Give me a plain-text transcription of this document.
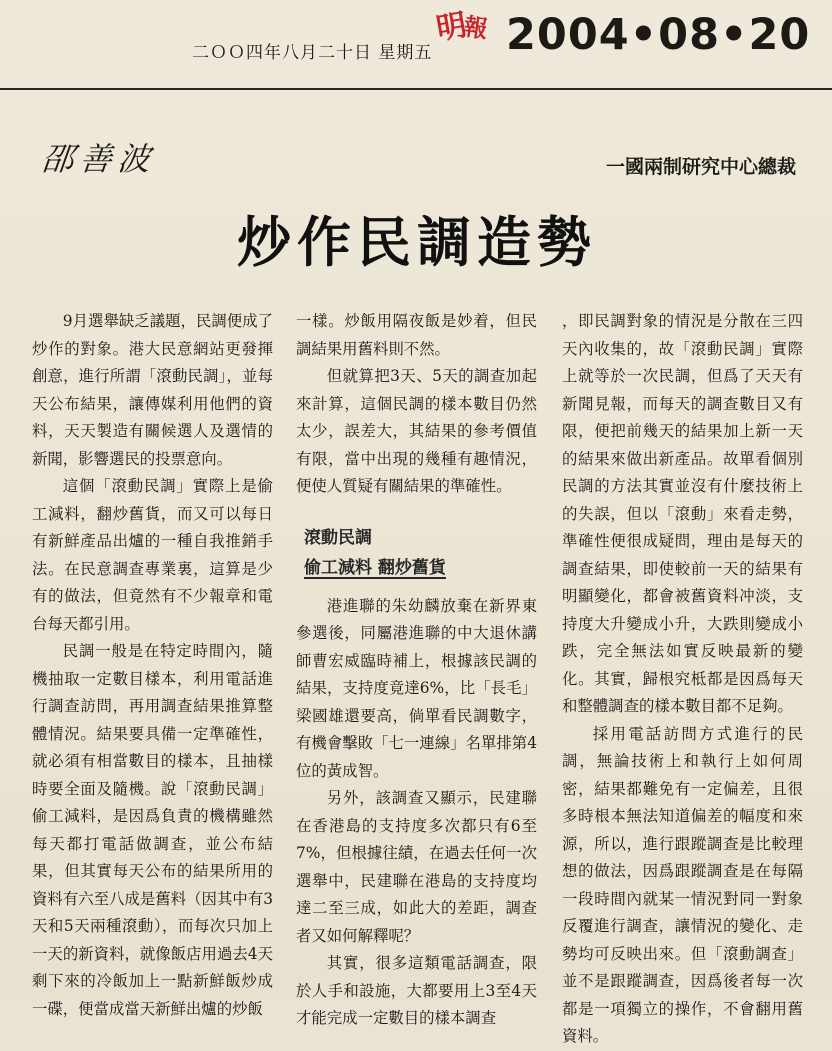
二ＯＯ四年八月二十日 星期五
明
報 2004•08•20
邵善波	一國兩制研究中心總裁
炒作民調造勢

9月選舉缺乏議題，民調便成了炒作的對象。港大民意網站更發揮創意，進行所謂「滾動民調」，並每天公布結果，讓傳媒利用他們的資料，天天製造有關候選人及選情的新聞，影響選民的投票意向。

這個「滾動民調」實際上是偷工減料，翻炒舊貨，而又可以每日有新鮮產品出爐的一種自我推銷手法。在民意調查專業裏，這算是少有的做法，但竟然有不少報章和電台每天都引用。

民調一般是在特定時間內，隨機抽取一定數目樣本，利用電話進行調查訪問，再用調查結果推算整體情況。結果要具備一定準確性，就必須有相當數目的樣本，且抽樣時要全面及隨機。說「滾動民調」偷工減料，是因爲負責的機構雖然每天都打電話做調查，並公布結果，但其實每天公布的結果所用的資料有六至八成是舊料（因其中有3天和5天兩種滾動），而每次只加上一天的新資料，就像飯店用過去4天剩下來的冷飯加上一點新鮮飯炒成一碟，便當成當天新鮮出爐的炒飯

一樣。炒飯用隔夜飯是妙着，但民調結果用舊料則不然。

但就算把3天、5天的調查加起來計算，這個民調的樣本數目仍然太少，誤差大，其結果的參考價值有限，當中出現的幾種有趣情況，便使人質疑有關結果的準確性。

滾動民調
偷工減料 翻炒舊貨

港進聯的朱幼麟放棄在新界東參選後，同屬港進聯的中大退休講師曹宏威臨時補上，根據該民調的結果，支持度竟達6%，比「長毛」梁國雄還要高，倘單看民調數字，有機會擊敗「七一連線」名單排第4位的黃成智。

另外，該調查又顯示，民建聯在香港島的支持度多次都只有6至7%，但根據往績，在過去任何一次選舉中，民建聯在港島的支持度均達二至三成，如此大的差距，調查者又如何解釋呢？

其實，很多這類電話調查，限於人手和設施，大都要用上3至4天才能完成一定數目的樣本調查

，即民調對象的情況是分散在三四天內收集的，故「滾動民調」實際上就等於一次民調，但爲了天天有新聞見報，而每天的調查數目又有限，便把前幾天的結果加上新一天的結果來做出新產品。故單看個別民調的方法其實並沒有什麼技術上的失誤，但以「滾動」來看走勢，準確性便很成疑問，理由是每天的調查結果，即使較前一天的結果有明顯變化，都會被舊資料冲淡，支持度大升變成小升，大跌則變成小跌，完全無法如實反映最新的變化。其實，歸根究柢都是因爲每天和整體調查的樣本數目都不足夠。

採用電話訪問方式進行的民調，無論技術上和執行上如何周密，結果都難免有一定偏差，且很多時根本無法知道偏差的幅度和來源，所以，進行跟蹤調查是比較理想的做法，因爲跟蹤調查是在每隔一段時間內就某一情況對同一對象反覆進行調查，讓情況的變化、走勢均可反映出來。但「滾動調查」並不是跟蹤調查，因爲後者每一次都是一項獨立的操作，不會翻用舊資料。
